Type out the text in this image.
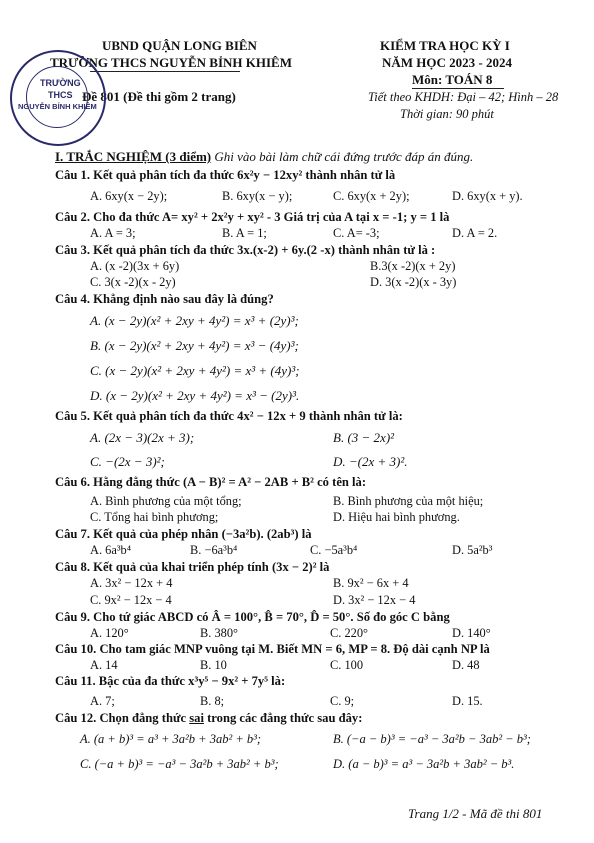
UBND QUẬN LONG BIÊN
TRƯỜNG THCS NGUYỄN BỈNH KHIÊM
Đề 801 (Đề thi gồm 2 trang)
KIỂM TRA HỌC KỲ I
NĂM HỌC 2023 - 2024
Môn: TOÁN 8
Tiết theo KHDH: Đại – 42; Hình – 28
Thời gian: 90 phút
TRƯỜNG
THCS
NGUYỄN BỈNH KHIÊM
I. TRẮC NGHIỆM (3 điểm) Ghi vào bài làm chữ cái đứng trước đáp án đúng.
Câu 1. Kết quả phân tích đa thức 6x²y − 12xy² thành nhân tử là
A. 6xy(x − 2y);	B. 6xy(x − y);	C. 6xy(x + 2y);	D. 6xy(x + y).
Câu 2. Cho đa thức A= xy² + 2x²y + xy² - 3 Giá trị của A tại x = -1; y = 1 là
A. A = 3;	B. A = 1;	C. A= -3;	D. A = 2.
Câu 3. Kết quả phân tích đa thức 3x.(x-2) + 6y.(2 -x) thành nhân tử là :
A. (x -2)(3x + 6y)	B.3(x -2)(x + 2y)
C. 3(x -2)(x - 2y)	D. 3(x -2)(x - 3y)
Câu 4. Khẳng định nào sau đây là đúng?
A. (x − 2y)(x² + 2xy + 4y²) = x³ + (2y)³;
B. (x − 2y)(x² + 2xy + 4y²) = x³ − (4y)³;
C. (x − 2y)(x² + 2xy + 4y²) = x³ + (4y)³;
D. (x − 2y)(x² + 2xy + 4y²) = x³ − (2y)³.
Câu 5. Kết quả phân tích đa thức 4x² − 12x + 9 thành nhân tử là:
A. (2x − 3)(2x + 3);	B. (3 − 2x)²
C. −(2x − 3)²;	D. −(2x + 3)².
Câu 6. Hằng đẳng thức (A − B)² = A² − 2AB + B² có tên là:
A. Bình phương của một tổng;	B. Bình phương của một hiệu;
C. Tổng hai bình phương;	D. Hiệu hai bình phương.
Câu 7. Kết quả của phép nhân (−3a²b). (2ab³) là
A. 6a³b⁴	B. −6a³b⁴	C. −5a³b⁴	D. 5a²b³
Câu 8. Kết quả của khai triển phép tính (3x − 2)² là
A. 3x² − 12x + 4	B. 9x² − 6x + 4
C. 9x² − 12x − 4	D. 3x² − 12x − 4
Câu 9. Cho tứ giác ABCD có Â = 100°, B̂ = 70°, D̂ = 50°. Số đo góc C bằng
A. 120°	B. 380°	C. 220°	D. 140°
Câu 10. Cho tam giác MNP vuông tại M. Biết MN = 6, MP = 8. Độ dài cạnh NP là
A. 14	B. 10	C. 100	D. 48
Câu 11. Bậc của đa thức x³y⁵ − 9x² + 7y⁵ là:
A. 7;	B. 8;	C. 9;	D. 15.
Câu 12. Chọn đẳng thức sai trong các đẳng thức sau đây:
A. (a + b)³ = a³ + 3a²b + 3ab² + b³;	B. (−a − b)³ = −a³ − 3a²b − 3ab² − b³;
C. (−a + b)³ = −a³ − 3a²b + 3ab² + b³;	D. (a − b)³ = a³ − 3a²b + 3ab² − b³.
Trang 1/2 - Mã đề thi 801
